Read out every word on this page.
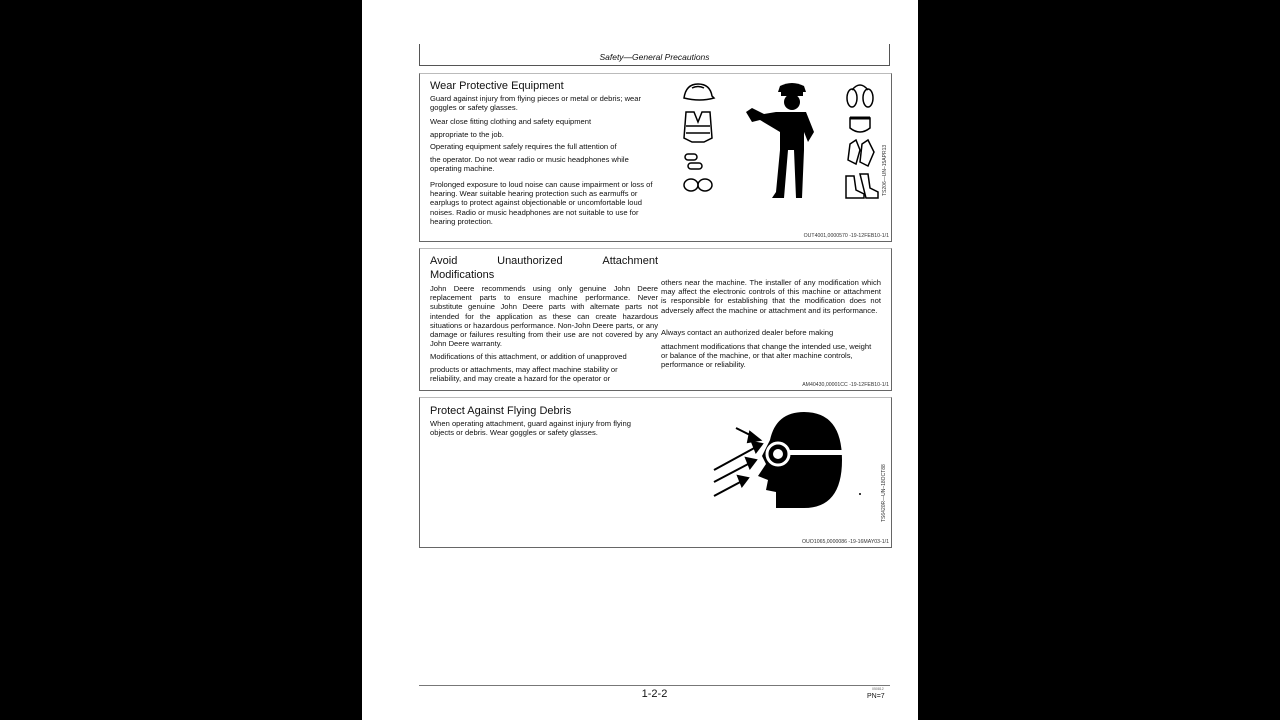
Safety—General Precautions
Wear Protective Equipment
Guard against injury from flying pieces or metal or debris; wear goggles or safety glasses.
Wear close fitting clothing and safety equipment
appropriate to the job.
Operating equipment safely requires the full attention of
the operator. Do not wear radio or music headphones while operating machine.
Prolonged exposure to loud noise can cause impairment or loss of hearing. Wear suitable hearing protection such as earmuffs or earplugs to protect against objectionable or uncomfortable loud noises. Radio or music headphones are not suitable to use for hearing protection.
TS206—UN–15APR13
OUT4001,0000570 -19-12FEB10-1/1
Avoid	Unauthorized	Attachment
Modifications
John Deere recommends using only genuine John Deere replacement parts to ensure machine performance. Never substitute genuine John Deere parts with alternate parts not intended for the application as these can create hazardous situations or hazardous performance. Non-John Deere parts, or any damage or failures resulting from their use are not covered by any John Deere warranty.
Modifications of this attachment, or addition of unapproved
products or attachments, may affect machine stability or reliability, and may create a hazard for the operator or
others near the machine. The installer of any modification which may affect the electronic controls of this machine or attachment is responsible for establishing that the modification does not adversely affect the machine or attachment and its performance.
Always contact an authorized dealer before making
attachment modifications that change the intended use, weight or balance of the machine, or that alter machine controls, performance or reliability.
AM40430,00001CC -19-12FEB10-1/1
Protect Against Flying Debris
When operating attachment, guard against injury from flying objects or debris. Wear goggles or safety glasses.
TS6420R—UN–18OCT88
OUO1065,0000086 -19-16MAY03-1/1
1-2-2	050812
PN=7
